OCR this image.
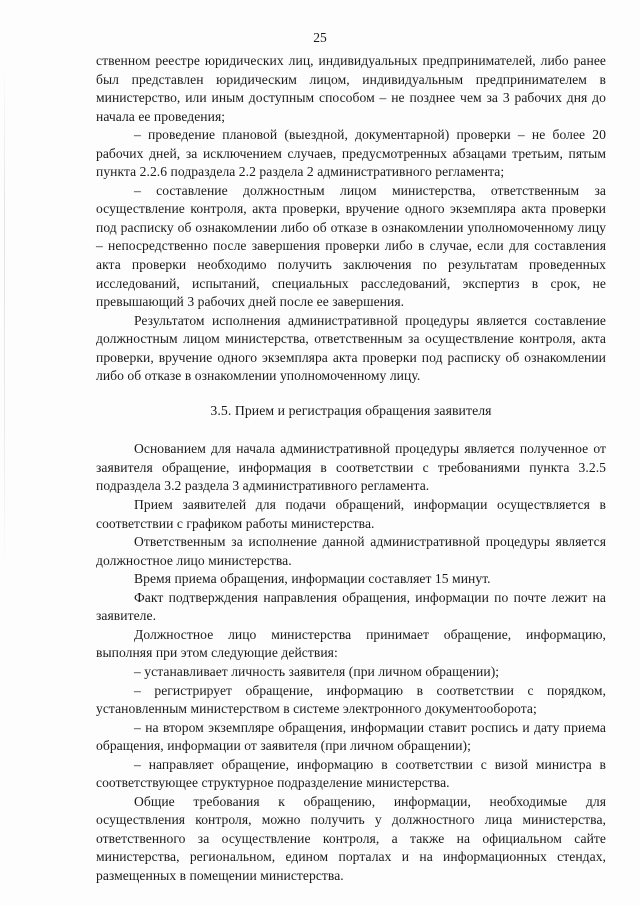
25

ственном реестре юридических лиц, индивидуальных предпринимателей, либо ранее был представлен юридическим лицом, индивидуальным предпринимателем в министерство, или иным доступным способом – не позднее чем за 3 рабочих дня до начала ее проведения;

– проведение плановой (выездной, документарной) проверки – не более 20 рабочих дней, за исключением случаев, предусмотренных абзацами третьим, пятым пункта 2.2.6 подраздела 2.2 раздела 2 административного регламента;

– составление должностным лицом министерства, ответственным за осуществление контроля, акта проверки, вручение одного экземпляра акта проверки под расписку об ознакомлении либо об отказе в ознакомлении уполномоченному лицу – непосредственно после завершения проверки либо в случае, если для составления акта проверки необходимо получить заключения по результатам проведенных исследований, испытаний, специальных расследований, экспертиз в срок, не превышающий 3 рабочих дней после ее завершения.

Результатом исполнения административной процедуры является составление должностным лицом министерства, ответственным за осуществление контроля, акта проверки, вручение одного экземпляра акта проверки под расписку об ознакомлении либо об отказе в ознакомлении уполномоченному лицу.

3.5. Прием и регистрация обращения заявителя

Основанием для начала административной процедуры является полученное от заявителя обращение, информация в соответствии с требованиями пункта 3.2.5 подраздела 3.2 раздела 3 административного регламента.

Прием заявителей для подачи обращений, информации осуществляется в соответствии с графиком работы министерства.

Ответственным за исполнение данной административной процедуры является должностное лицо министерства.

Время приема обращения, информации составляет 15 минут.

Факт подтверждения направления обращения, информации по почте лежит на заявителе.

Должностное лицо министерства принимает обращение, информацию, выполняя при этом следующие действия:

– устанавливает личность заявителя (при личном обращении);

– регистрирует обращение, информацию в соответствии с порядком, установленным министерством в системе электронного документооборота;

– на втором экземпляре обращения, информации ставит роспись и дату приема обращения, информации от заявителя (при личном обращении);

– направляет обращение, информацию в соответствии с визой министра в соответствующее структурное подразделение министерства.

Общие требования к обращению, информации, необходимые для осуществления контроля, можно получить у должностного лица министерства, ответственного за осуществление контроля, а также на официальном сайте министерства, региональном, едином порталах и на информационных стендах, размещенных в помещении министерства.
